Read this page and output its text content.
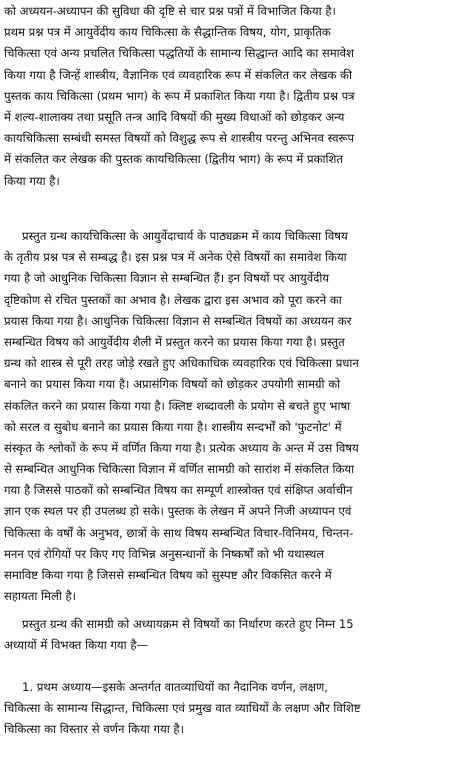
को अध्ययन-अध्यापन की सुविधा की दृष्टि से चार प्रश्न पत्रों में विभाजित किया है।
प्रथम प्रश्न पत्र में आयुर्वेदीय काय चिकित्सा के सैद्धान्तिक विषय, योग, प्राकृतिक
चिकित्सा एवं अन्य प्रचलित चिकित्सा पद्धतियों के सामान्य सिद्धान्त आदि का समावेश
किया गया है जिन्हें शास्त्रीय, वैज्ञानिक एवं व्यवहारिक रूप में संकलित कर लेखक की
पुस्तक काय चिकित्सा (प्रथम भाग) के रूप में प्रकाशित किया गया है। द्वितीय प्रश्न पत्र
में शल्य-शालाक्य तथा प्रसूति तन्त्र आदि विषयों की मुख्य विधाओं को छोड़कर अन्य
कायचिकित्सा सम्बंधी समस्त विषयों को विशुद्ध रूप से शास्त्रीय परन्तु अभिनव स्वरूप
में संकलित कर लेखक की पुस्तक कायचिकित्सा (द्वितीय भाग) के रूप में प्रकाशित
किया गया है।
प्रस्तुत ग्रन्थ कायचिकित्सा के आयुर्वेदाचार्य के पाठ्यक्रम में काय चिकित्सा विषय
के तृतीय प्रश्न पत्र से सम्बद्ध है। इस प्रश्न पत्र में अनेक ऐसे विषयों का समावेश किया
गया है जो आधुनिक चिकित्सा विज्ञान से सम्बन्धित हैं। इन विषयों पर आयुर्वेदीय
दृष्टिकोण से रचित पुस्तकों का अभाव है। लेखक द्वारा इस अभाव को पूरा करने का
प्रयास किया गया है। आधुनिक चिकित्सा विज्ञान से सम्बन्धित विषयों का अध्ययन कर
सम्बन्धित विषय को आयुर्वेदीय शैली में प्रस्तुत करने का प्रयास किया गया है। प्रस्तुत
ग्रन्थ को शास्त्र से पूरी तरह जोड़े रखते हुए अधिकाधिक व्यवहारिक एवं चिकित्सा प्रधान
बनाने का प्रयास किया गया है। अप्रासंगिक विषयों को छोड़कर उपयोगी सामग्री को
संकलित करने का प्रयास किया गया है। क्लिष्ट शब्दावली के प्रयोग से बचते हुए भाषा
को सरल व सुबोध बनाने का प्रयास किया गया है। शास्त्रीय सन्दर्भों को 'फुटनोट' में
संस्कृत के श्लोकों के रूप में वर्णित किया गया है। प्रत्येक अध्याय के अन्त में उस विषय
से सम्बन्धित आधुनिक चिकित्सा विज्ञान में वर्णित सामग्री को सारांश में संकलित किया
गया है जिससे पाठकों को सम्बन्धित विषय का सम्पूर्ण शास्त्रोक्त एवं संक्षिप्त अर्वाचीन
ज्ञान एक स्थल पर ही उपलब्ध हो सके। पुस्तक के लेखन में अपने निजी अध्यापन एवं
चिकित्सा के वर्षों के अनुभव, छात्रों के साथ विषय सम्बन्धित विचार-विनिमय, चिन्तन-
मनन एवं रोगियों पर किए गए विभिन्न अनुसन्धानों के निष्कर्षों को भी यथास्थल
समाविष्ट किया गया है जिससे सम्बन्धित विषय को सुस्पष्ट और विकसित करने में
सहायता मिली है।
प्रस्तुत ग्रन्थ की सामग्री को अध्यायक्रम से विषयों का निर्धारण करते हुए निम्न 15
अध्यायों में विभक्त किया गया है—
1. प्रथम अध्याय—इसके अन्तर्गत वातव्याधियों का नैदानिक वर्णन, लक्षण,
चिकित्सा के सामान्य सिद्धान्त, चिकित्सा एवं प्रमुख वात व्याधियों के लक्षण और विशिष्ट
चिकित्सा का विस्तार से वर्णन किया गया है।
